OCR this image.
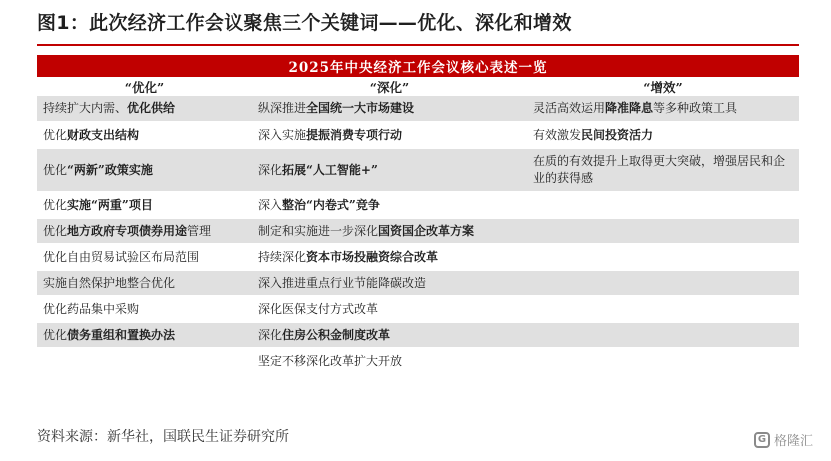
图1：此次经济工作会议聚焦三个关键词——优化、深化和增效
2025年中央经济工作会议核心表述一览		
“优化”	“深化”	“增效”
持续扩大内需、优化供给	纵深推进全国统一大市场建设	灵活高效运用降准降息等多种政策工具
优化财政支出结构	深入实施提振消费专项行动	有效激发民间投资活力
优化“两新”政策实施	深化拓展“人工智能+”	在质的有效提升上取得更大突破，增强居民和企业的获得感
优化实施“两重”项目	深入整治“内卷式”竞争	
优化地方政府专项债券用途管理	制定和实施进一步深化国资国企改革方案	
优化自由贸易试验区布局范围	持续深化资本市场投融资综合改革	
实施自然保护地整合优化	深入推进重点行业节能降碳改造	
优化药品集中采购	深化医保支付方式改革	
优化债务重组和置换办法	深化住房公积金制度改革	
	坚定不移深化改革扩大开放	
资料来源：新华社，国联民生证券研究所	G 格隆汇
